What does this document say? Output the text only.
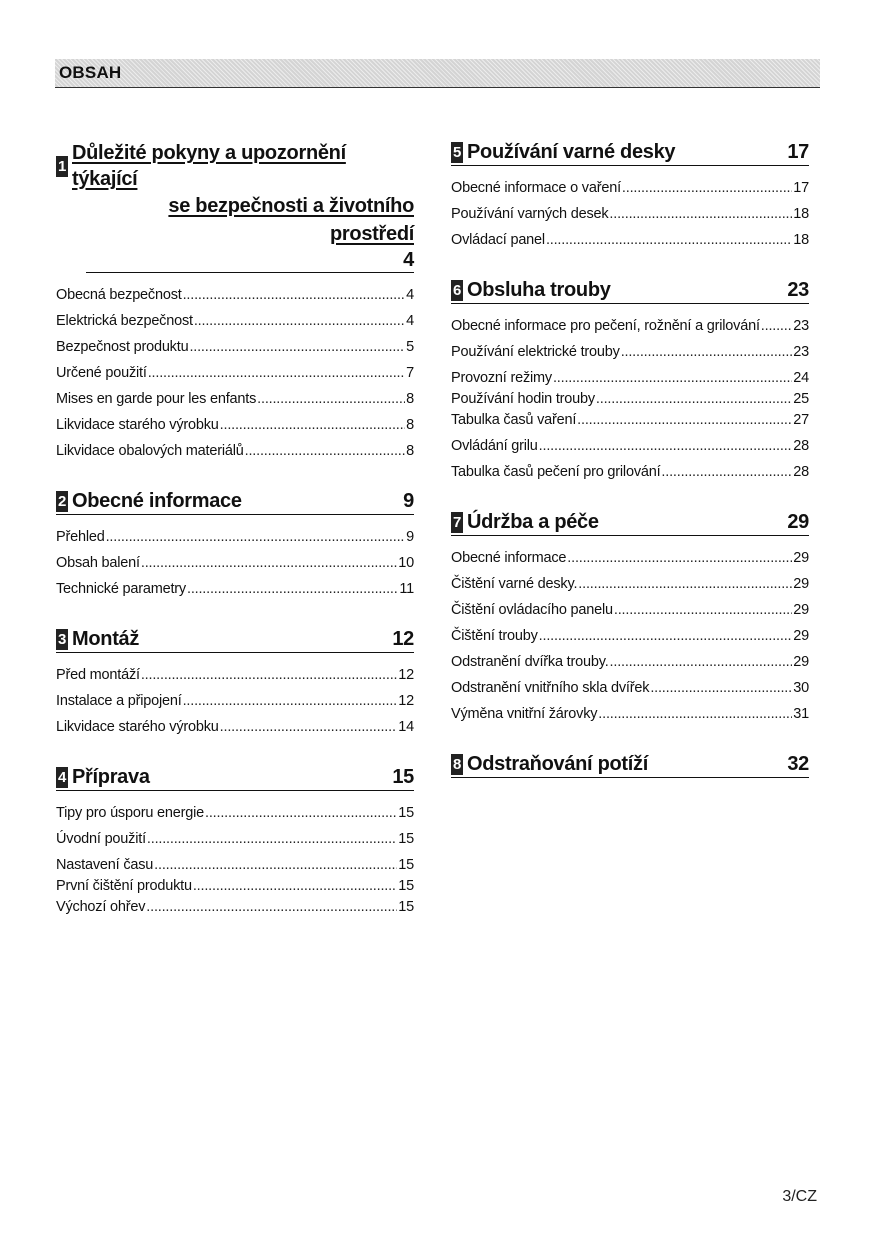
OBSAH
1
Důležité pokyny a upozornění týkající
se bezpečnosti a životního prostředí
4
Obecná bezpečnost .....	4
Elektrická bezpečnost .....	4
Bezpečnost produktu .....	5
Určené použití .....	7
Mises en garde pour les enfants .....	8
Likvidace starého výrobku .....	8
Likvidace obalových materiálů .....	8
2 Obecné informace	9
Přehled .....	9
Obsah balení .....	10
Technické parametry .....	11
3 Montáž	12
Před montáží .....	12
Instalace a připojení .....	12
Likvidace starého výrobku .....	14
4 Příprava	15
Tipy pro úsporu energie .....	15
Úvodní použití .....	15
Nastavení času .....	15
První čištění produktu .....	15
Výchozí ohřev .....	15
5 Používání varné desky	17
Obecné informace o vaření .....	17
Používání varných desek .....	18
Ovládací panel .....	18
6 Obsluha trouby	23
Obecné informace pro pečení, rožnění a grilování ..... 23
Používání elektrické trouby .....	23
Provozní režimy .....	24
Používání hodin trouby .....	25
Tabulka časů vaření .....	27
Ovládání grilu .....	28
Tabulka časů pečení pro grilování .....	28
7 Údržba a péče	29
Obecné informace .....	29
Čištění varné desky. .....	29
Čištění ovládacího panelu .....	29
Čištění trouby .....	29
Odstranění dvířka trouby. .....	29
Odstranění vnitřního skla dvířek .....	30
Výměna vnitřní žárovky .....	31
8 Odstraňování potíží	32
3/CZ
